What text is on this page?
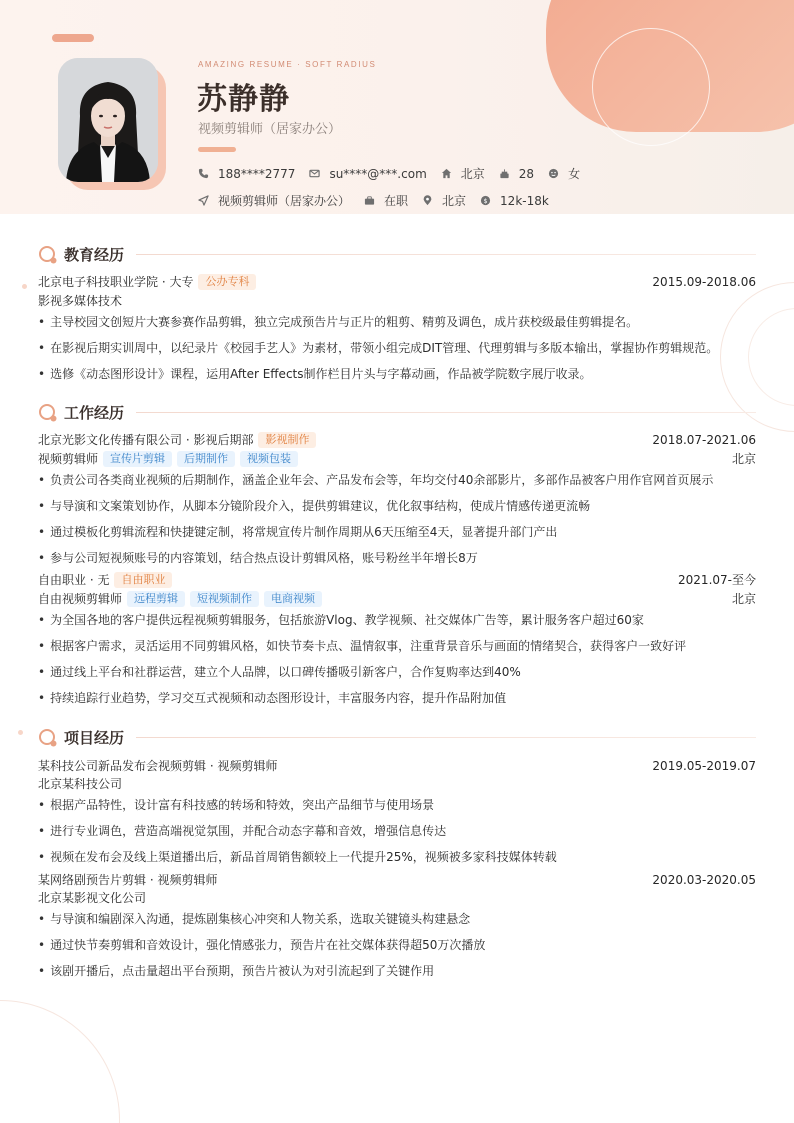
AMAZING RESUME · SOFT RADIUS
苏静静
视频剪辑师（居家办公）
188****2777	su****@***.com	北京	28	女
视频剪辑师（居家办公）	在职	北京 $ 12k-18k
教育经历
北京电子科技职业学院 · 大专	公办专科	2015.09-2018.06
影视多媒体技术
• 主导校园文创短片大赛参赛作品剪辑，独立完成预告片与正片的粗剪、精剪及调色，成片获校级最佳剪辑提名。
• 在影视后期实训周中，以纪录片《校园手艺人》为素材，带领小组完成DIT管理、代理剪辑与多版本输出，掌握协作剪辑规范。
• 选修《动态图形设计》课程，运用After Effects制作栏目片头与字幕动画，作品被学院数字展厅收录。
工作经历
北京光影文化传播有限公司 · 影视后期部	影视制作	2018.07-2021.06
视频剪辑师	宣传片剪辑	后期制作	视频包装	北京
• 负责公司各类商业视频的后期制作，涵盖企业年会、产品发布会等，年均交付40余部影片，多部作品被客户用作官网首页展示
• 与导演和文案策划协作，从脚本分镜阶段介入，提供剪辑建议，优化叙事结构，使成片情感传递更流畅
• 通过模板化剪辑流程和快捷键定制，将常规宣传片制作周期从6天压缩至4天，显著提升部门产出
• 参与公司短视频账号的内容策划，结合热点设计剪辑风格，账号粉丝半年增长8万
自由职业 · 无	自由职业	2021.07-至今
自由视频剪辑师	远程剪辑	短视频制作	电商视频	北京
• 为全国各地的客户提供远程视频剪辑服务，包括旅游Vlog、教学视频、社交媒体广告等，累计服务客户超过60家
• 根据客户需求，灵活运用不同剪辑风格，如快节奏卡点、温情叙事，注重背景音乐与画面的情绪契合，获得客户一致好评
• 通过线上平台和社群运营，建立个人品牌，以口碑传播吸引新客户，合作复购率达到40%
• 持续追踪行业趋势，学习交互式视频和动态图形设计，丰富服务内容，提升作品附加值
项目经历
某科技公司新品发布会视频剪辑 · 视频剪辑师	2019.05-2019.07
北京某科技公司
• 根据产品特性，设计富有科技感的转场和特效，突出产品细节与使用场景
• 进行专业调色，营造高端视觉氛围，并配合动态字幕和音效，增强信息传达
• 视频在发布会及线上渠道播出后，新品首周销售额较上一代提升25%，视频被多家科技媒体转载
某网络剧预告片剪辑 · 视频剪辑师	2020.03-2020.05
北京某影视文化公司
• 与导演和编剧深入沟通，提炼剧集核心冲突和人物关系，选取关键镜头构建悬念
• 通过快节奏剪辑和音效设计，强化情感张力，预告片在社交媒体获得超50万次播放
• 该剧开播后，点击量超出平台预期，预告片被认为对引流起到了关键作用
